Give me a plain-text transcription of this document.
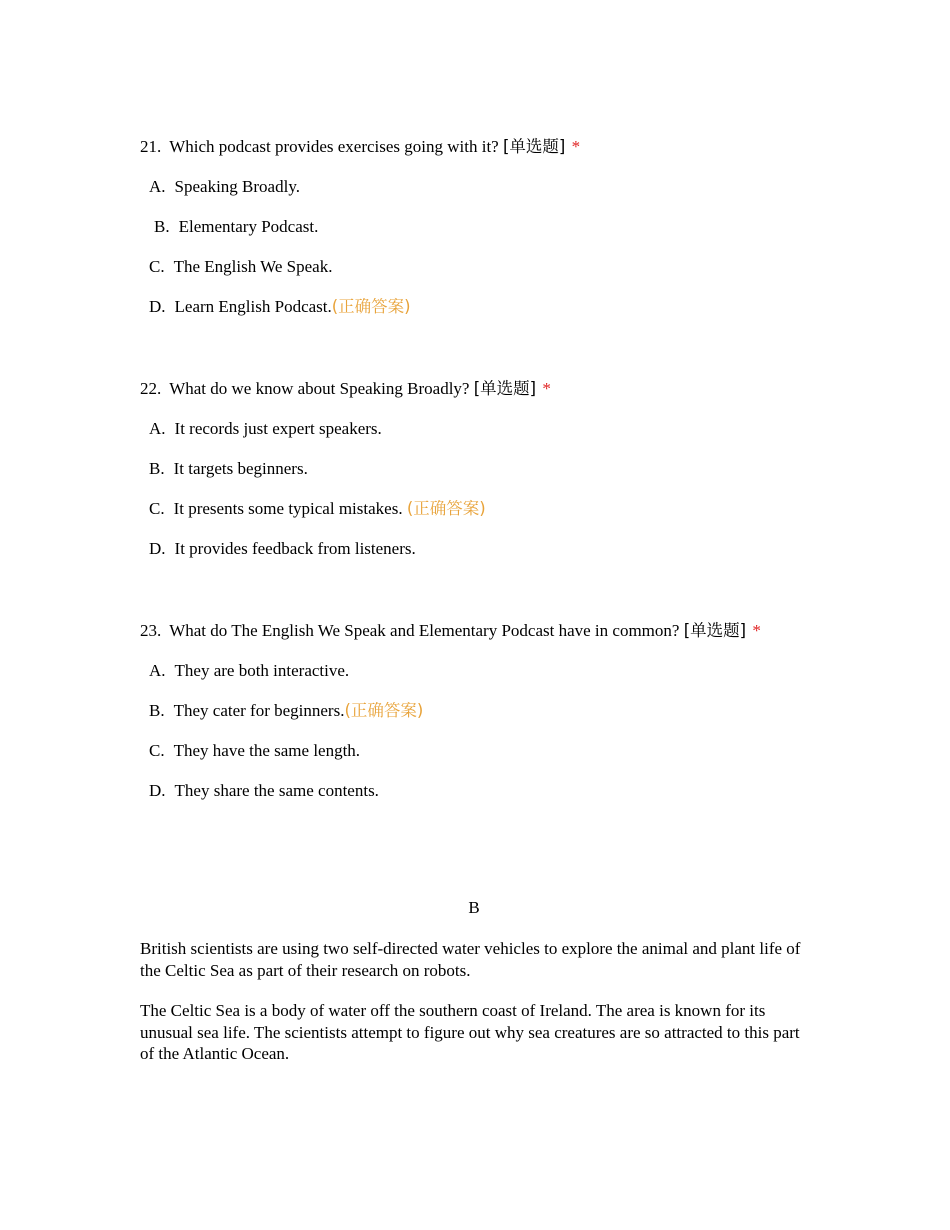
21. Which podcast provides exercises going with it? [单选题] *

A. Speaking Broadly.
B. Elementary Podcast.
C. The English We Speak.
D. Learn English Podcast.(正确答案)

22. What do we know about Speaking Broadly? [单选题] *

A. It records just expert speakers.
B. It targets beginners.
C. It presents some typical mistakes. (正确答案)
D. It provides feedback from listeners.

23. What do The English We Speak and Elementary Podcast have in common? [单选题] *

A. They are both interactive.
B. They cater for beginners.(正确答案)
C. They have the same length.
D. They share the same contents.
B

British scientists are using two self-directed water vehicles to explore the animal and plant life of the Celtic Sea as part of their research on robots.

The Celtic Sea is a body of water off the southern coast of Ireland. The area is known for its unusual sea life. The scientists attempt to figure out why sea creatures are so attracted to this part of the Atlantic Ocean.
